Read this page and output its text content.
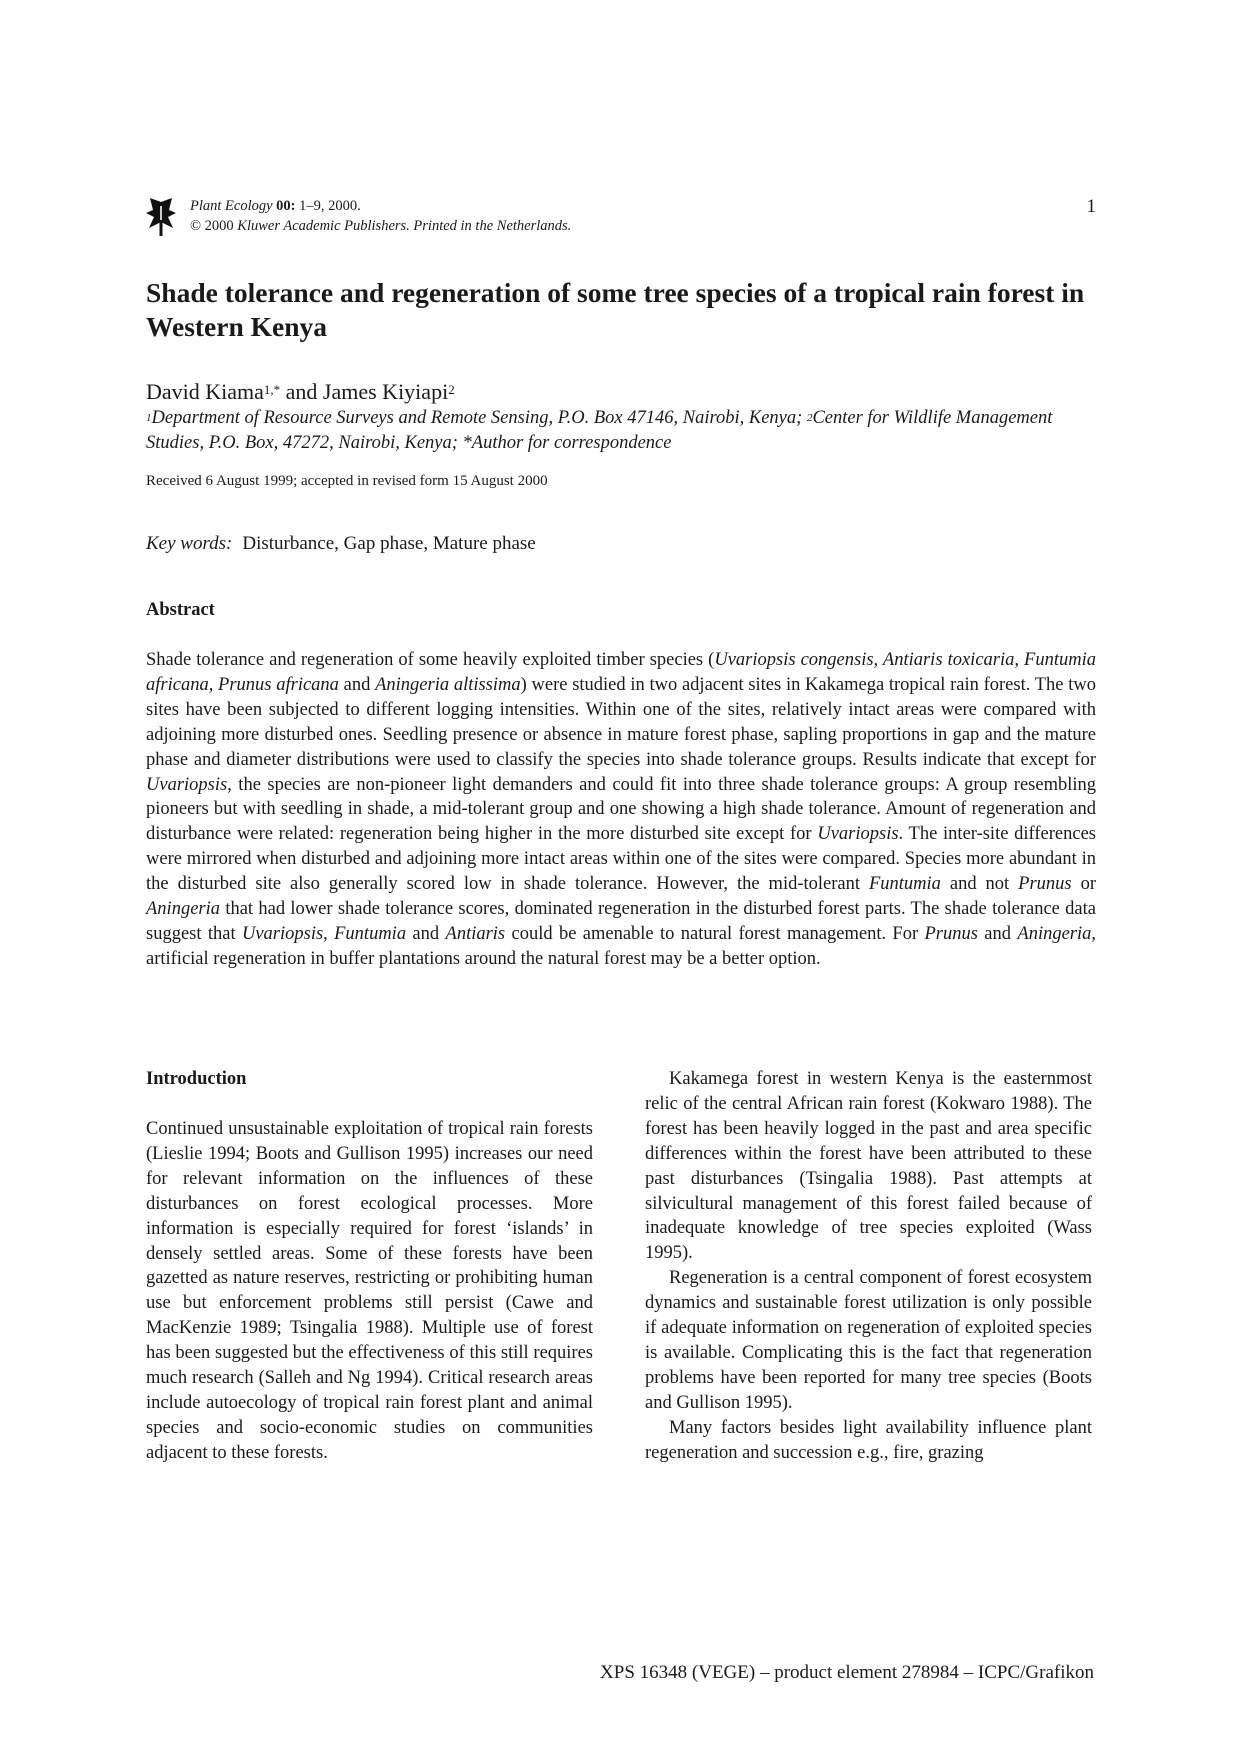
Plant Ecology 00: 1–9, 2000.
© 2000 Kluwer Academic Publishers. Printed in the Netherlands.
1
Shade tolerance and regeneration of some tree species of a tropical rain forest in Western Kenya
David Kiama$^{1,*}$ and James Kiyiapi$^2$
$^1$Department of Resource Surveys and Remote Sensing, P.O. Box 47146, Nairobi, Kenya; $^2$Center for Wildlife Management Studies, P.O. Box, 47272, Nairobi, Kenya; *Author for correspondence
Received 6 August 1999; accepted in revised form 15 August 2000
Key words: Disturbance, Gap phase, Mature phase
Abstract

Shade tolerance and regeneration of some heavily exploited timber species (Uvariopsis congensis, Antiaris toxicaria, Funtumia africana, Prunus africana and Aningeria altissima) were studied in two adjacent sites in Kakamega tropical rain forest. The two sites have been subjected to different logging intensities. Within one of the sites, relatively intact areas were compared with adjoining more disturbed ones. Seedling presence or absence in mature forest phase, sapling proportions in gap and the mature phase and diameter distributions were used to classify the species into shade tolerance groups. Results indicate that except for Uvariopsis, the species are non-pioneer light demanders and could fit into three shade tolerance groups: A group resembling pioneers but with seedling in shade, a mid-tolerant group and one showing a high shade tolerance. Amount of regeneration and disturbance were related: regeneration being higher in the more disturbed site except for Uvariopsis. The inter-site differences were mirrored when disturbed and adjoining more intact areas within one of the sites were compared. Species more abundant in the disturbed site also generally scored low in shade tolerance. However, the mid-tolerant Funtumia and not Prunus or Aningeria that had lower shade tolerance scores, dominated regeneration in the disturbed forest parts. The shade tolerance data suggest that Uvariopsis, Funtumia and Antiaris could be amenable to natural forest management. For Prunus and Aningeria, artificial regeneration in buffer plantations around the natural forest may be a better option.

Introduction

Continued unsustainable exploitation of tropical rain forests (Lieslie 1994; Boots and Gullison 1995) increases our need for relevant information on the influences of these disturbances on forest ecological processes. More information is especially required for forest ‘islands’ in densely settled areas. Some of these forests have been gazetted as nature reserves, restricting or prohibiting human use but enforcement problems still persist (Cawe and MacKenzie 1989; Tsingalia 1988). Multiple use of forest has been suggested but the effectiveness of this still requires much research (Salleh and Ng 1994). Critical research areas include autoecology of tropical rain forest plant and animal species and socio-economic studies on communities adjacent to these forests.

Kakamega forest in western Kenya is the easternmost relic of the central African rain forest (Kokwaro 1988). The forest has been heavily logged in the past and area specific differences within the forest have been attributed to these past disturbances (Tsingalia 1988). Past attempts at silvicultural management of this forest failed because of inadequate knowledge of tree species exploited (Wass 1995).

Regeneration is a central component of forest ecosystem dynamics and sustainable forest utilization is only possible if adequate information on regeneration of exploited species is available. Complicating this is the fact that regeneration problems have been reported for many tree species (Boots and Gullison 1995).

Many factors besides light availability influence plant regeneration and succession e.g., fire, grazing

XPS 16348 (VEGE) – product element 278984 – ICPC/Grafikon
